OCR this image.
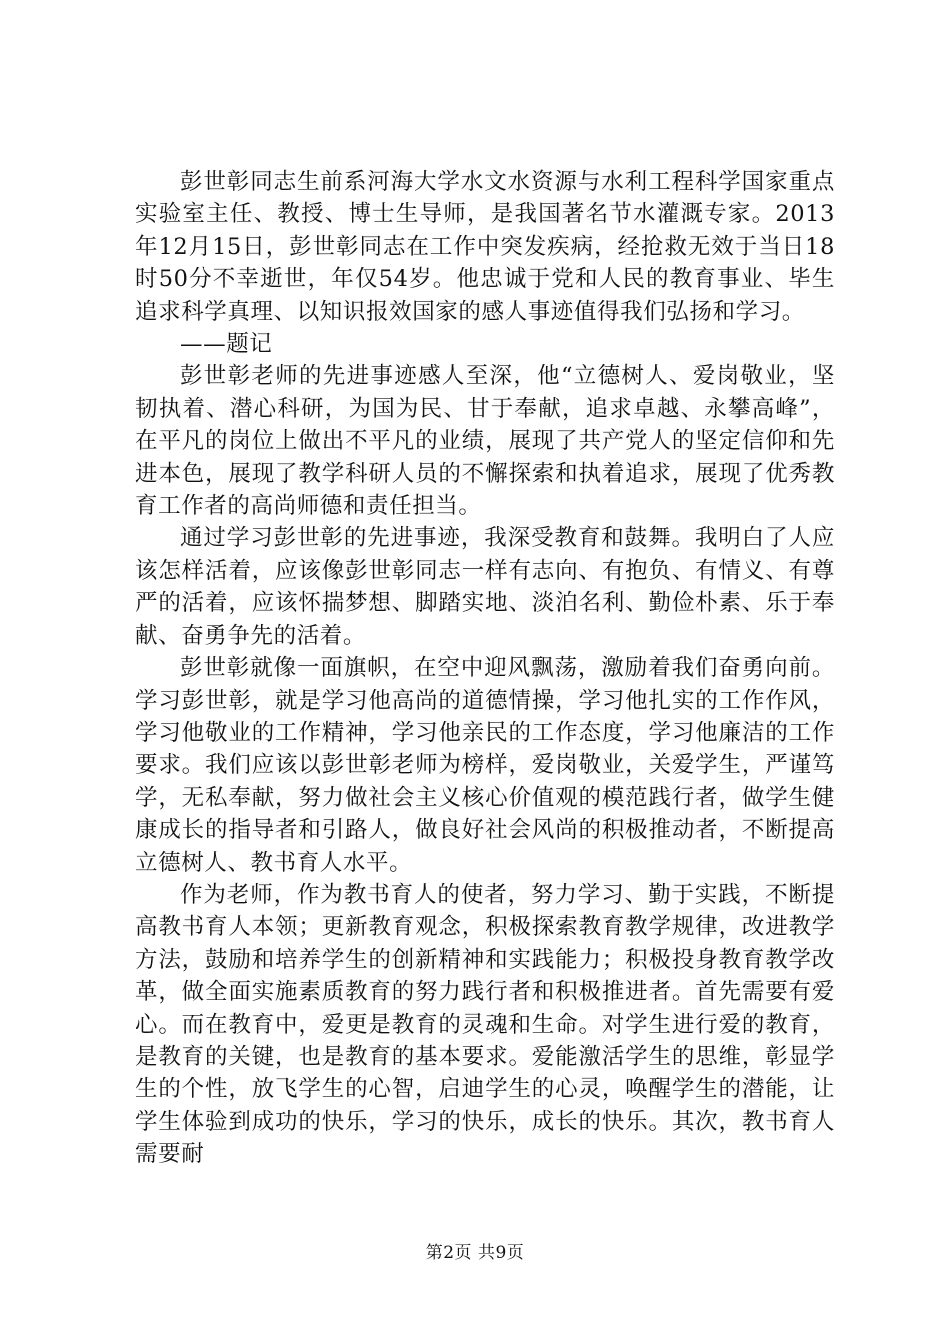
彭世彰同志生前系河海大学水文水资源与水利工程科学国家重点实验室主任、教授、博士生导师，是我国著名节水灌溉专家。2013年12月15日，彭世彰同志在工作中突发疾病，经抢救无效于当日18时50分不幸逝世，年仅54岁。他忠诚于党和人民的教育事业、毕生追求科学真理、以知识报效国家的感人事迹值得我们弘扬和学习。

——题记

彭世彰老师的先进事迹感人至深，他“立德树人、爱岗敬业，坚韧执着、潜心科研，为国为民、甘于奉献，追求卓越、永攀高峰”，在平凡的岗位上做出不平凡的业绩，展现了共产党人的坚定信仰和先进本色，展现了教学科研人员的不懈探索和执着追求，展现了优秀教育工作者的高尚师德和责任担当。

通过学习彭世彰的先进事迹，我深受教育和鼓舞。我明白了人应该怎样活着，应该像彭世彰同志一样有志向、有抱负、有情义、有尊严的活着，应该怀揣梦想、脚踏实地、淡泊名利、勤俭朴素、乐于奉献、奋勇争先的活着。

彭世彰就像一面旗帜，在空中迎风飘荡，激励着我们奋勇向前。学习彭世彰，就是学习他高尚的道德情操，学习他扎实的工作作风，学习他敬业的工作精神，学习他亲民的工作态度，学习他廉洁的工作要求。我们应该以彭世彰老师为榜样，爱岗敬业，关爱学生，严谨笃学，无私奉献，努力做社会主义核心价值观的模范践行者，做学生健康成长的指导者和引路人，做良好社会风尚的积极推动者，不断提高立德树人、教书育人水平。

作为老师，作为教书育人的使者，努力学习、勤于实践，不断提高教书育人本领；更新教育观念，积极探索教育教学规律，改进教学方法，鼓励和培养学生的创新精神和实践能力；积极投身教育教学改革，做全面实施素质教育的努力践行者和积极推进者。首先需要有爱心。而在教育中，爱更是教育的灵魂和生命。对学生进行爱的教育，是教育的关键，也是教育的基本要求。爱能激活学生的思维，彰显学生的个性，放飞学生的心智，启迪学生的心灵，唤醒学生的潜能，让学生体验到成功的快乐，学习的快乐，成长的快乐。其次，教书育人需要耐

第2页 共9页
